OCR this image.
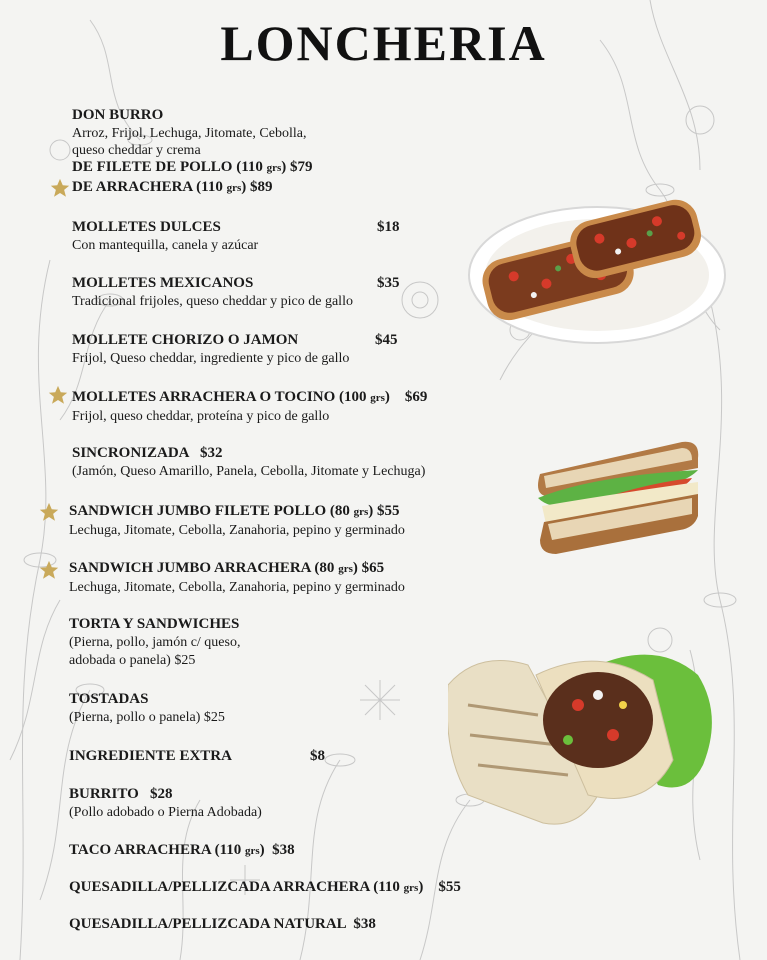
LONCHERIA
DON BURRO
Arroz, Frijol, Lechuga, Jitomate, Cebolla,
queso cheddar y crema
DE FILETE DE POLLO (110 grs) $79
DE ARRACHERA (110 grs) $89
MOLLETES DULCES	$18
Con mantequilla, canela y azúcar
MOLLETES MEXICANOS	$35
Tradicional frijoles, queso cheddar y pico de gallo
MOLLETE CHORIZO O JAMON	$45
Frijol, Queso cheddar, ingrediente y pico de gallo
MOLLETES ARRACHERA O TOCINO (100 grs)    $69
Frijol, queso cheddar, proteína y pico de gallo
SINCRONIZADA   $32
(Jamón, Queso Amarillo, Panela, Cebolla, Jitomate y Lechuga)
SANDWICH JUMBO FILETE POLLO (80 grs) $55
Lechuga, Jitomate, Cebolla, Zanahoria, pepino y germinado
SANDWICH JUMBO ARRACHERA (80 grs) $65
Lechuga, Jitomate, Cebolla, Zanahoria, pepino y germinado
TORTA Y SANDWICHES
(Pierna, pollo, jamón c/ queso,
adobada o panela) $25
TOSTADAS
(Pierna, pollo o panela) $25
INGREDIENTE EXTRA	$8
BURRITO   $28
(Pollo adobado o Pierna Adobada)
TACO ARRACHERA (110 grs)  $38
QUESADILLA/PELLIZCADA ARRACHERA (110 grs)    $55
QUESADILLA/PELLIZCADA NATURAL  $38
